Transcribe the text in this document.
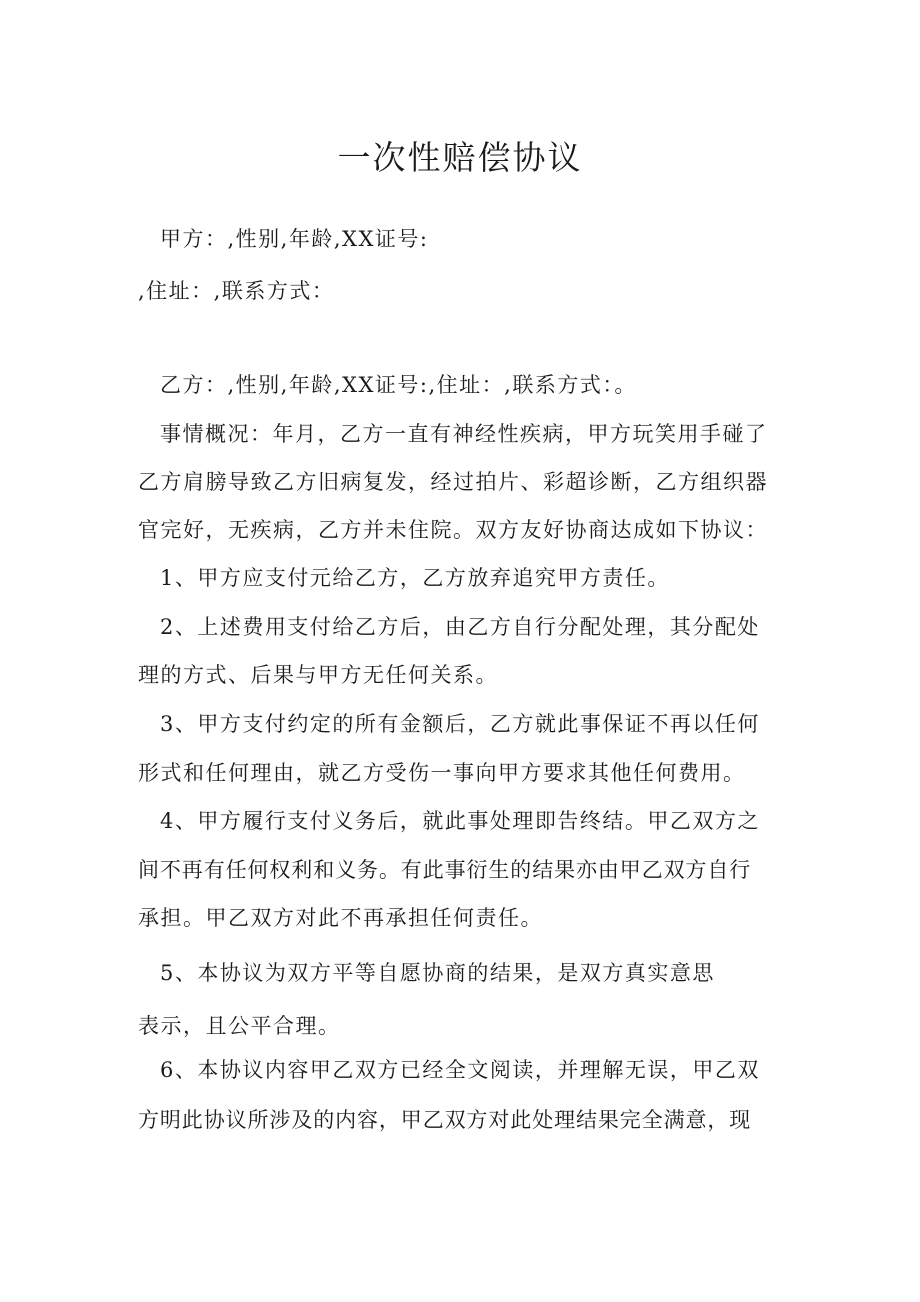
一次性赔偿协议
甲方：,性别,年龄,XX证号:
,住址：,联系方式：
乙方：,性别,年龄,XX证号:,住址：,联系方式：。
事情概况：年月，乙方一直有神经性疾病，甲方玩笑用手碰了
乙方肩膀导致乙方旧病复发，经过拍片、彩超诊断，乙方组织器
官完好，无疾病，乙方并未住院。双方友好协商达成如下协议：
1、甲方应支付元给乙方，乙方放弃追究甲方责任。
2、上述费用支付给乙方后，由乙方自行分配处理，其分配处
理的方式、后果与甲方无任何关系。
3、甲方支付约定的所有金额后，乙方就此事保证不再以任何
形式和任何理由，就乙方受伤一事向甲方要求其他任何费用。
4、甲方履行支付义务后，就此事处理即告终结。甲乙双方之
间不再有任何权利和义务。有此事衍生的结果亦由甲乙双方自行
承担。甲乙双方对此不再承担任何责任。
5、本协议为双方平等自愿协商的结果，是双方真实意思
表示，且公平合理。
6、本协议内容甲乙双方已经全文阅读，并理解无误，甲乙双
方明此协议所涉及的内容，甲乙双方对此处理结果完全满意，现
